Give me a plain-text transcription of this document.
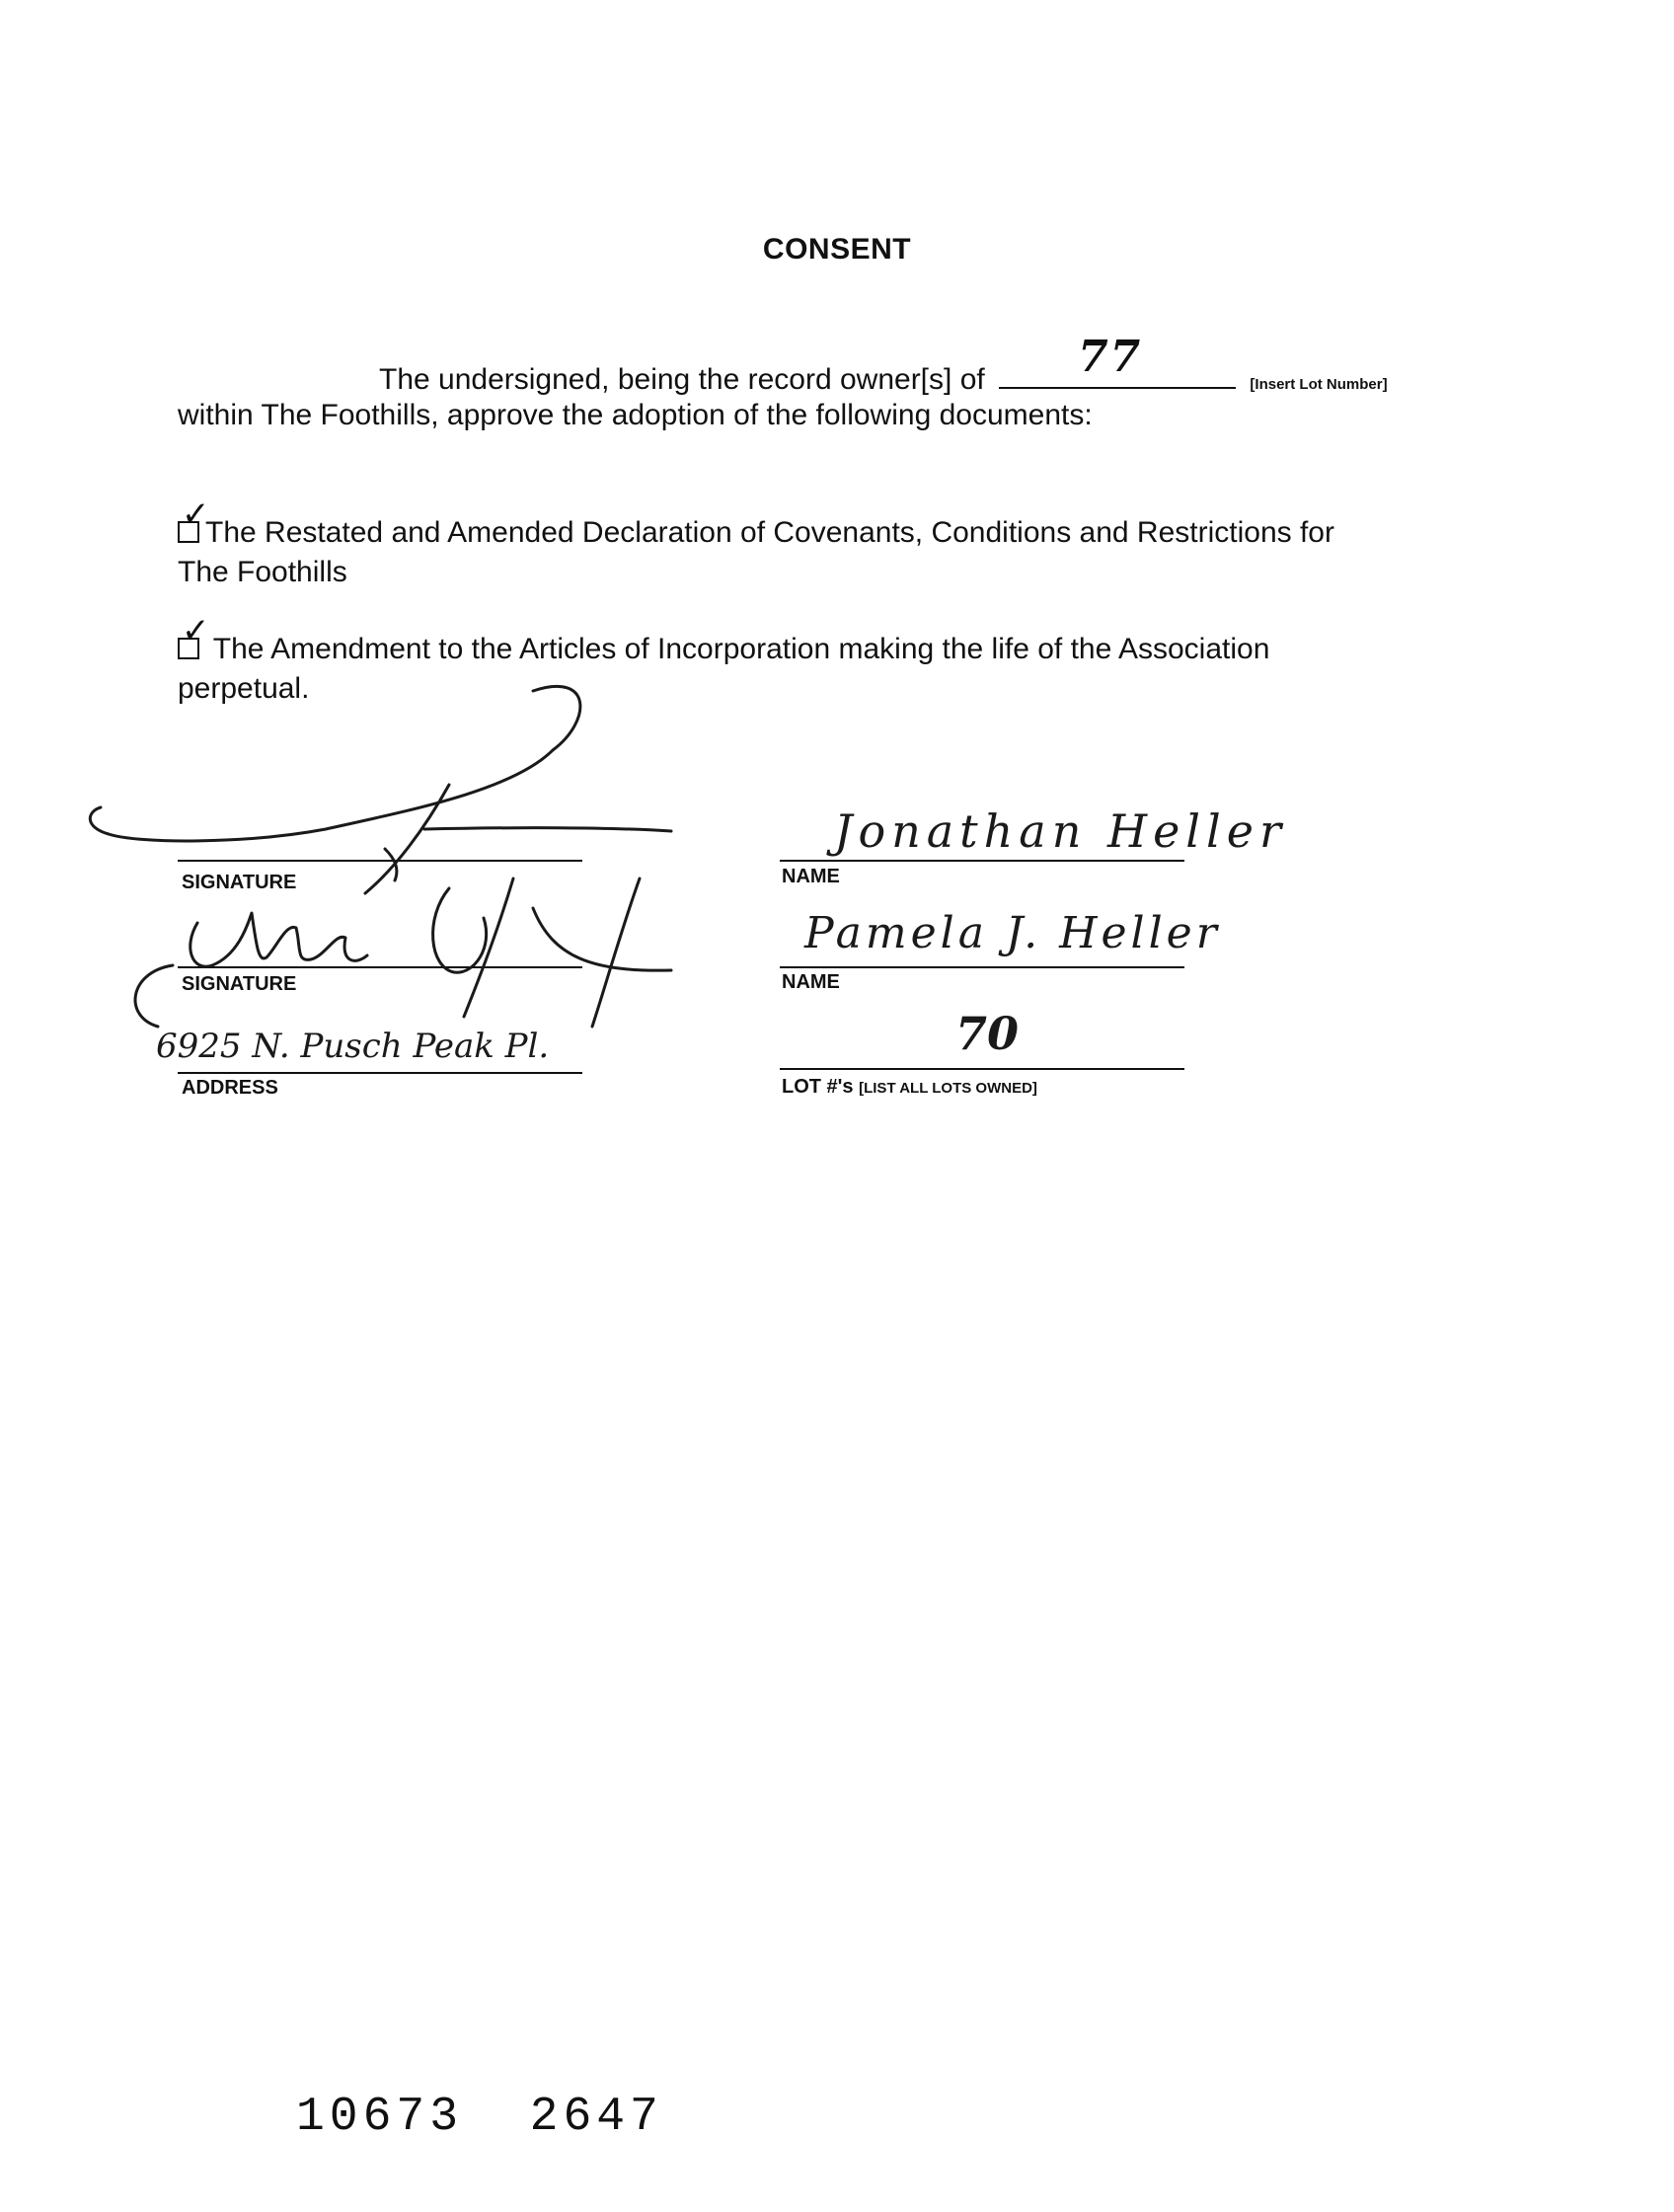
CONSENT
The undersigned, being the record owner[s] of 77
[Insert Lot Number]
within The Foothills, approve the adoption of the following documents:
✓
The Restated and Amended Declaration of Covenants, Conditions and Restrictions for
The Foothills
✓ The Amendment to the Articles of Incorporation making the life of the Association
perpetual.
SIGNATURE
SIGNATURE
6925 N. Pusch Peak Pl.
ADDRESS
Jonathan Heller
NAME
Pamela J. Heller
NAME
70
LOT #'s [LIST ALL LOTS OWNED]
10673  2647
